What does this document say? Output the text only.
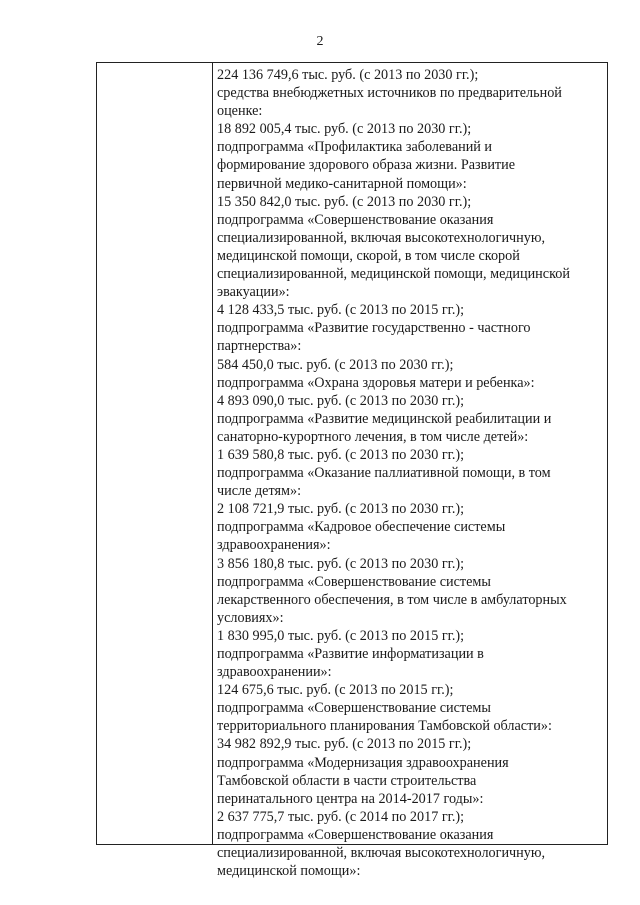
2
224 136 749,6 тыс. руб. (с 2013 по 2030 гг.);
средства внебюджетных источников по предварительной
оценке:
18 892 005,4 тыс. руб. (с 2013 по 2030 гг.);
подпрограмма «Профилактика заболеваний и
формирование здорового образа жизни. Развитие
первичной медико-санитарной помощи»:
15 350 842,0 тыс. руб. (с 2013 по 2030 гг.);
подпрограмма «Совершенствование оказания
специализированной, включая высокотехнологичную,
медицинской помощи, скорой, в том числе скорой
специализированной, медицинской помощи, медицинской
эвакуации»:
4 128 433,5 тыс. руб. (с 2013 по 2015 гг.);
подпрограмма «Развитие государственно - частного
партнерства»:
584 450,0 тыс. руб. (с 2013 по 2030 гг.);
подпрограмма «Охрана здоровья матери и ребенка»:
4 893 090,0 тыс. руб. (с 2013 по 2030 гг.);
подпрограмма «Развитие медицинской реабилитации и
санаторно-курортного лечения, в том числе детей»:
1 639 580,8 тыс. руб. (с 2013 по 2030 гг.);
подпрограмма «Оказание паллиативной помощи, в том
числе детям»:
2 108 721,9 тыс. руб. (с 2013 по 2030 гг.);
подпрограмма «Кадровое обеспечение системы
здравоохранения»:
3 856 180,8 тыс. руб. (с 2013 по 2030 гг.);
подпрограмма «Совершенствование системы
лекарственного обеспечения, в том числе в амбулаторных
условиях»:
1 830 995,0 тыс. руб. (с 2013 по 2015 гг.);
подпрограмма «Развитие информатизации в
здравоохранении»:
124 675,6 тыс. руб. (с 2013 по 2015 гг.);
подпрограмма «Совершенствование системы
территориального планирования Тамбовской области»:
34 982 892,9 тыс. руб. (с 2013 по 2015 гг.);
подпрограмма «Модернизация здравоохранения
Тамбовской области в части строительства
перинатального центра на 2014-2017 годы»:
2 637 775,7 тыс. руб. (с 2014 по 2017 гг.);
подпрограмма «Совершенствование оказания
специализированной, включая высокотехнологичную,
медицинской помощи»:
